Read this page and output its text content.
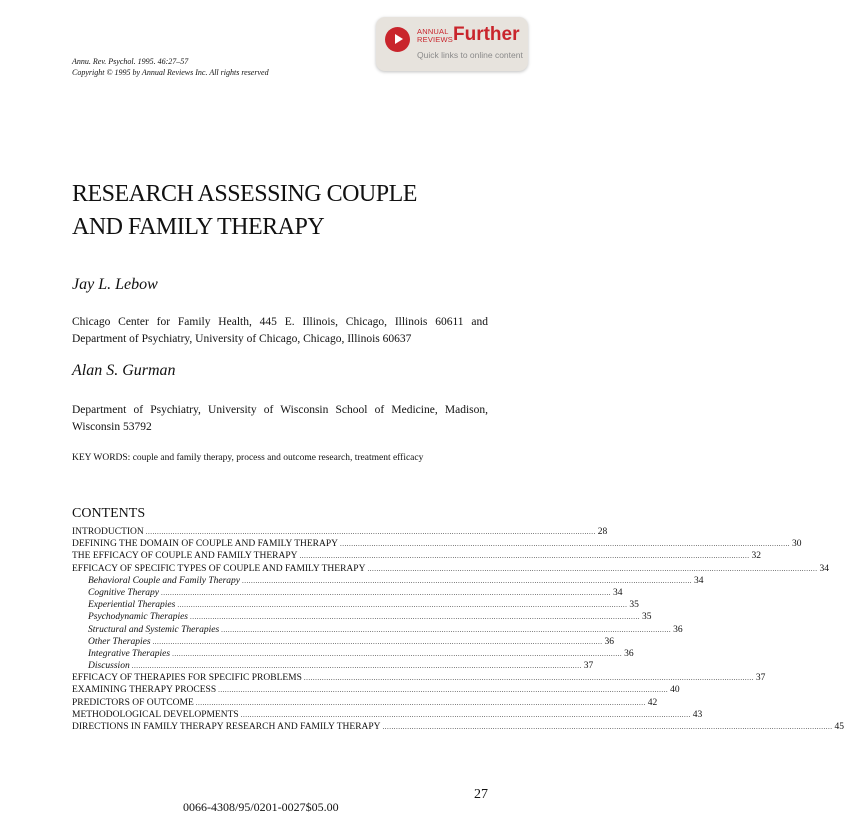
Annu. Rev. Psychol. 1995. 46:27–57
Copyright © 1995 by Annual Reviews Inc. All rights reserved
ANNUAL
REVIEWS Further
Quick links to online content
RESEARCH ASSESSING COUPLE
AND FAMILY THERAPY
Jay L. Lebow
Chicago Center for Family Health, 445 E. Illinois, Chicago, Illinois 60611 and Department of Psychiatry, University of Chicago, Chicago, Illinois 60637
Alan S. Gurman
Department of Psychiatry, University of Wisconsin School of Medicine, Madison, Wisconsin 53792
KEY WORDS: couple and family therapy, process and outcome research, treatment efficacy
CONTENTS
INTRODUCTION ........................................................................................................................................................................................................ 28
DEFINING THE DOMAIN OF COUPLE AND FAMILY THERAPY ........................................................................................................................................................................................................ 30
THE EFFICACY OF COUPLE AND FAMILY THERAPY ........................................................................................................................................................................................................ 32
EFFICACY OF SPECIFIC TYPES OF COUPLE AND FAMILY THERAPY ........................................................................................................................................................................................................ 34
Behavioral Couple and Family Therapy ........................................................................................................................................................................................................ 34
Cognitive Therapy ........................................................................................................................................................................................................ 34
Experiential Therapies ........................................................................................................................................................................................................ 35
Psychodynamic Therapies ........................................................................................................................................................................................................ 35
Structural and Systemic Therapies ........................................................................................................................................................................................................ 36
Other Therapies ........................................................................................................................................................................................................ 36
Integrative Therapies ........................................................................................................................................................................................................ 36
Discussion ........................................................................................................................................................................................................ 37
EFFICACY OF THERAPIES FOR SPECIFIC PROBLEMS ........................................................................................................................................................................................................ 37
EXAMINING THERAPY PROCESS ........................................................................................................................................................................................................ 40
PREDICTORS OF OUTCOME ........................................................................................................................................................................................................ 42
METHODOLOGICAL DEVELOPMENTS ........................................................................................................................................................................................................ 43
DIRECTIONS IN FAMILY THERAPY RESEARCH AND FAMILY THERAPY ........................................................................................................................................................................................................ 45
0066-4308/95/0201-0027$05.00
27
